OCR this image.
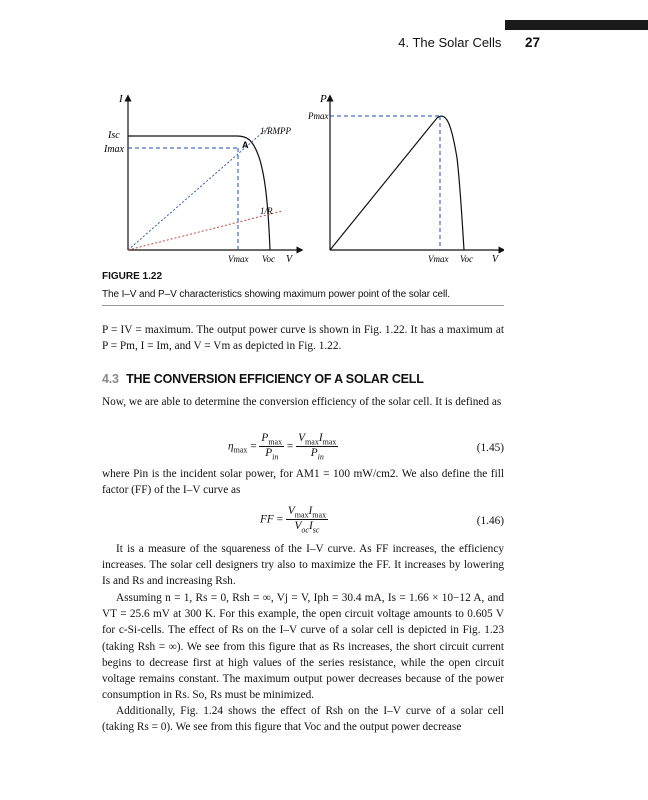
4. The Solar Cells 27
I
Isc
Imax	A
1/RMPP
1/R
Vmax Voc V
P
Pmax
Vmax Voc V
FIGURE 1.22
The I–V and P–V characteristics showing maximum power point of the solar cell.

P = IV = maximum. The output power curve is shown in Fig. 1.22. It has a maximum at P = Pm, I = Im, and V = Vm as depicted in Fig. 1.22.

4.3 THE CONVERSION EFFICIENCY OF A SOLAR CELL

Now, we are able to determine the conversion efficiency of the solar cell. It is defined as

$\eta_{max} = \frac{P_{max}}{P_{in}} = \frac{V_{max}I_{max}}{P_{in}}$	(1.45)

where Pin is the incident solar power, for AM1 = 100 mW/cm2. We also define the fill factor (FF) of the I–V curve as

FF = $\frac{V_{max}I_{max}}{V_{oc}I_{sc}}$	(1.46)

It is a measure of the squareness of the I–V curve. As FF increases, the efficiency increases. The solar cell designers try also to maximize the FF. It increases by lowering Is and Rs and increasing Rsh.

Assuming n = 1, Rs = 0, Rsh = ∞, Vj = V, Iph = 30.4 mA, Is = 1.66 × 10−12 A, and VT = 25.6 mV at 300 K. For this example, the open circuit voltage amounts to 0.605 V for c-Si-cells. The effect of Rs on the I–V curve of a solar cell is depicted in Fig. 1.23 (taking Rsh = ∞). We see from this figure that as Rs increases, the short circuit current begins to decrease first at high values of the series resistance, while the open circuit voltage remains constant. The maximum output power decreases because of the power consumption in Rs. So, Rs must be minimized.

Additionally, Fig. 1.24 shows the effect of Rsh on the I–V curve of a solar cell (taking Rs = 0). We see from this figure that Voc and the output power decrease
